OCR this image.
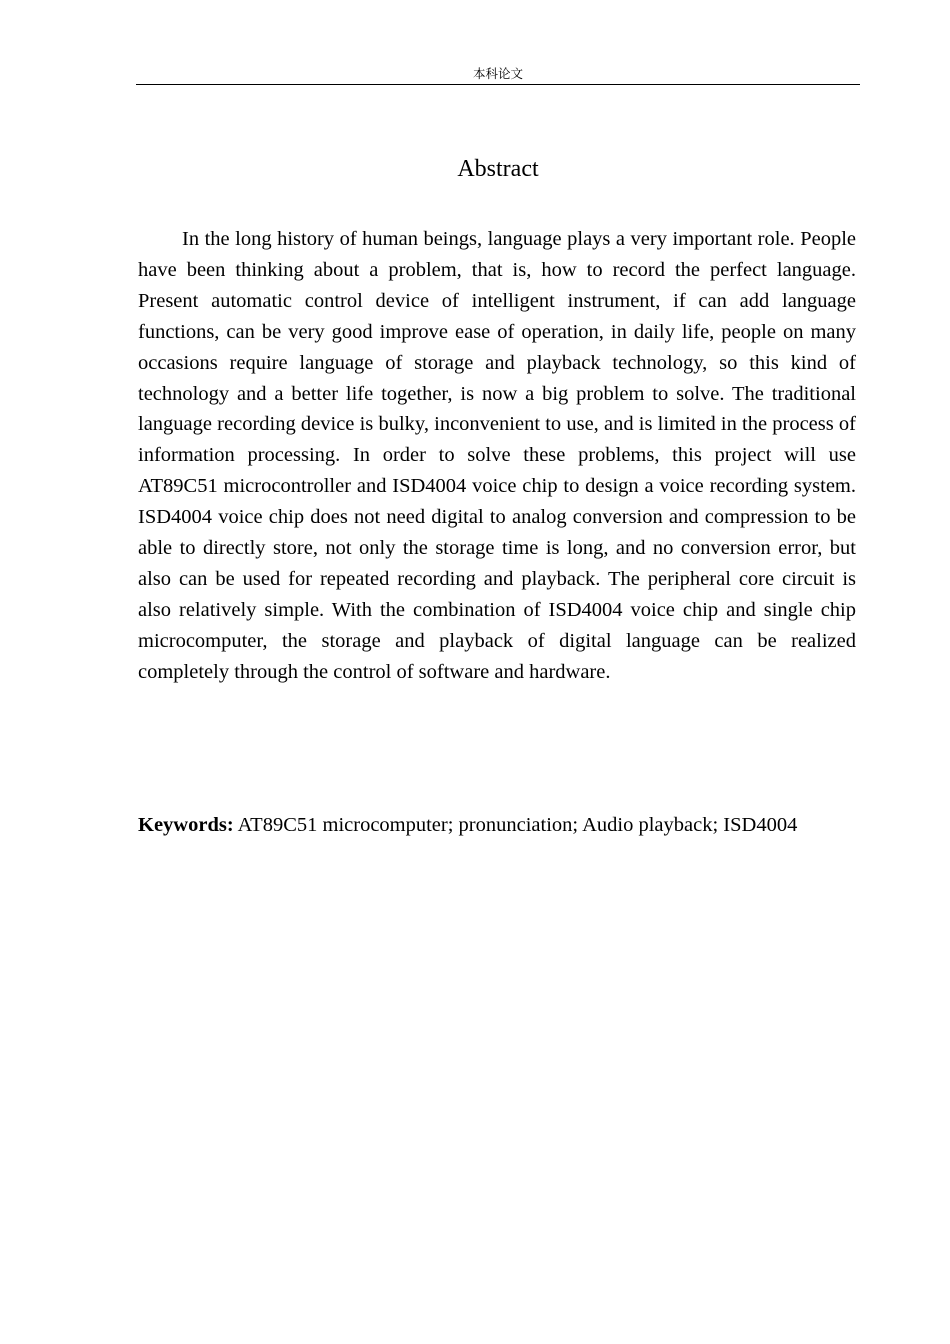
本科论文
Abstract

In the long history of human beings, language plays a very important role. People have been thinking about a problem, that is, how to record the perfect language. Present automatic control device of intelligent instrument, if can add language functions, can be very good improve ease of operation, in daily life, people on many occasions require language of storage and playback technology, so this kind of technology and a better life together, is now a big problem to solve. The traditional language recording device is bulky, inconvenient to use, and is limited in the process of information processing. In order to solve these problems, this project will use AT89C51 microcontroller and ISD4004 voice chip to design a voice recording system. ISD4004 voice chip does not need digital to analog conversion and compression to be able to directly store, not only the storage time is long, and no conversion error, but also can be used for repeated recording and playback. The peripheral core circuit is also relatively simple. With the combination of ISD4004 voice chip and single chip microcomputer, the storage and playback of digital language can be realized completely through the control of software and hardware.

Keywords: AT89C51 microcomputer; pronunciation; Audio playback; ISD4004
